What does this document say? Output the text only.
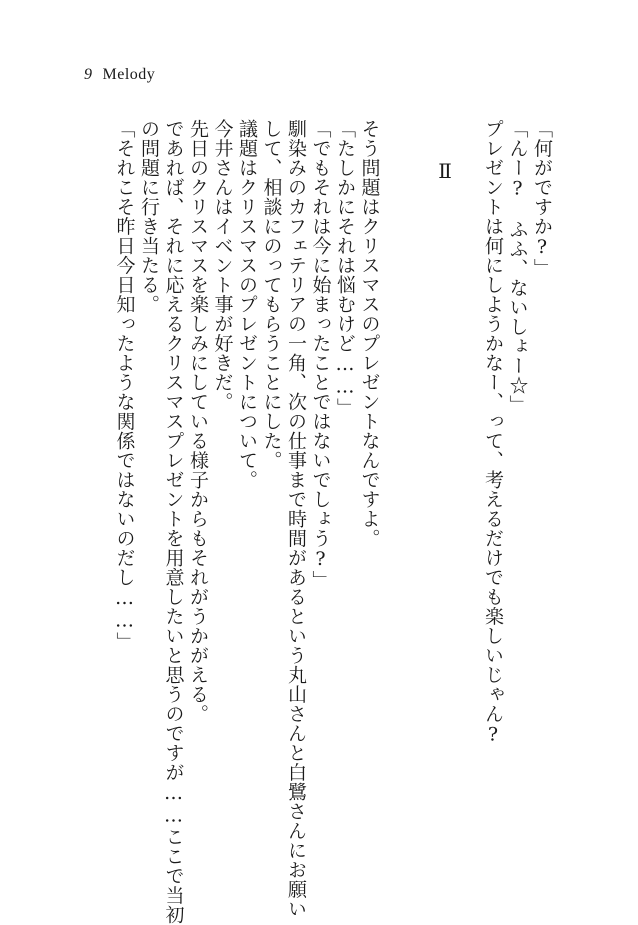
9 Melody

「何がですか?」

「んー?　ふふ、ないしょー☆」

プレゼントは何にしようかなー、って、考えるだけでも楽しいじゃん?

Ⅱ

そう問題はクリスマスのプレゼントなんですよ。

「たしかにそれは悩むけど……」

「でもそれは今に始まったことではないでしょう?」

馴染みのカフェテリアの一角、次の仕事まで時間があるという丸山さんと白鷺さんにお願い

して、相談にのってもらうことにした。

議題はクリスマスのプレゼントについて。

今井さんはイベント事が好きだ。

先日のクリスマスを楽しみにしている様子からもそれがうかがえる。

であれば、それに応えるクリスマスプレゼントを用意したいと思うのですが……ここで当初

の問題に行き当たる。

「それこそ昨日今日知ったような関係ではないのだし……」
